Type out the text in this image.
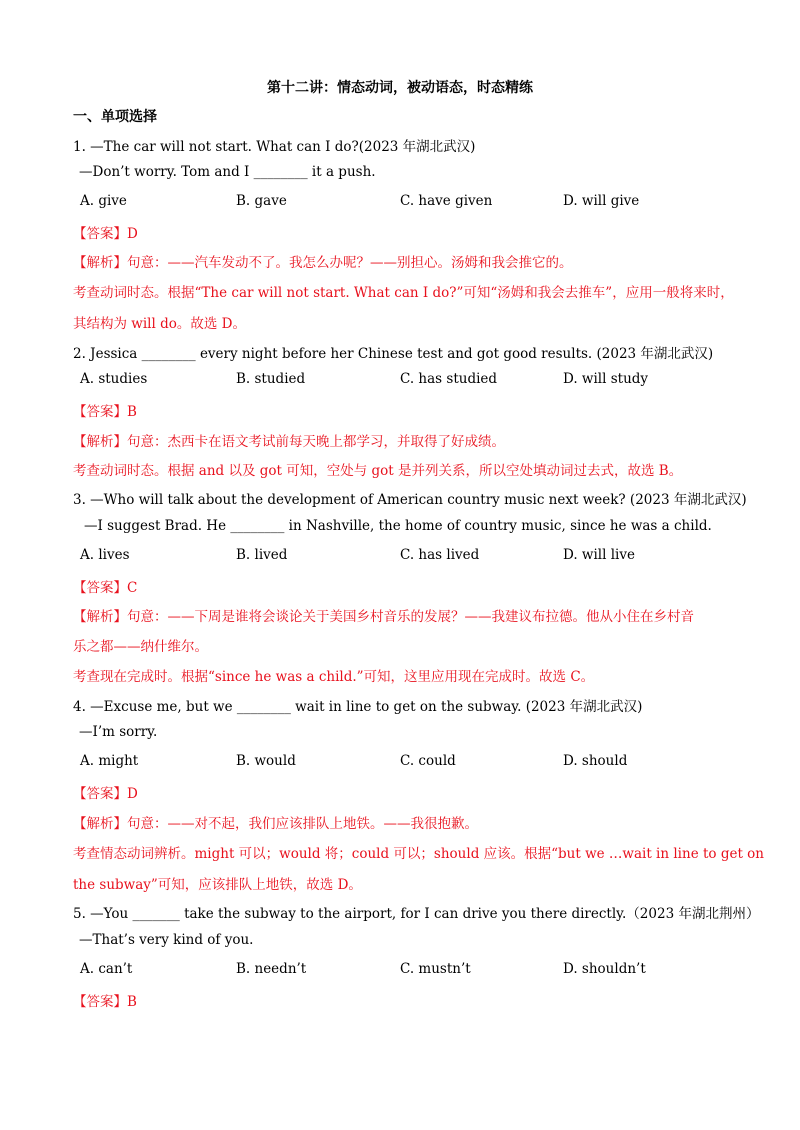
第十二讲：情态动词，被动语态，时态精练
一、单项选择
1. —The car will not start. What can I do?(2023 年湖北武汉)
—Don’t worry. Tom and I ________ it a push.
A. give	B. gave	C. have given	D. will give
【答案】D
【解析】句意：——汽车发动不了。我怎么办呢？——别担心。汤姆和我会推它的。
考查动词时态。根据“The car will not start. What can I do?”可知“汤姆和我会去推车”，应用一般将来时，
其结构为 will do。故选 D。
2. Jessica ________ every night before her Chinese test and got good results. (2023 年湖北武汉)
A. studies	B. studied	C. has studied	D. will study
【答案】B
【解析】句意：杰西卡在语文考试前每天晚上都学习，并取得了好成绩。
考查动词时态。根据 and 以及 got 可知，空处与 got 是并列关系，所以空处填动词过去式，故选 B。
3. —Who will talk about the development of American country music next week? (2023 年湖北武汉)
—I suggest Brad. He ________ in Nashville, the home of country music, since he was a child.
A. lives	B. lived	C. has lived	D. will live
【答案】C
【解析】句意：——下周是谁将会谈论关于美国乡村音乐的发展？——我建议布拉德。他从小住在乡村音
乐之都——纳什维尔。
考查现在完成时。根据“since he was a child.”可知，这里应用现在完成时。故选 C。
4. —Excuse me, but we ________ wait in line to get on the subway. (2023 年湖北武汉)
—I’m sorry.
A. might	B. would	C. could	D. should
【答案】D
【解析】句意：——对不起，我们应该排队上地铁。——我很抱歉。
考查情态动词辨析。might 可以；would 将；could 可以；should 应该。根据“but we …wait in line to get on
the subway”可知，应该排队上地铁，故选 D。
5. —You _______ take the subway to the airport, for I can drive you there directly.（2023 年湖北荆州）
—That’s very kind of you.
A. can’t	B. needn’t	C. mustn’t	D. shouldn’t
【答案】B
